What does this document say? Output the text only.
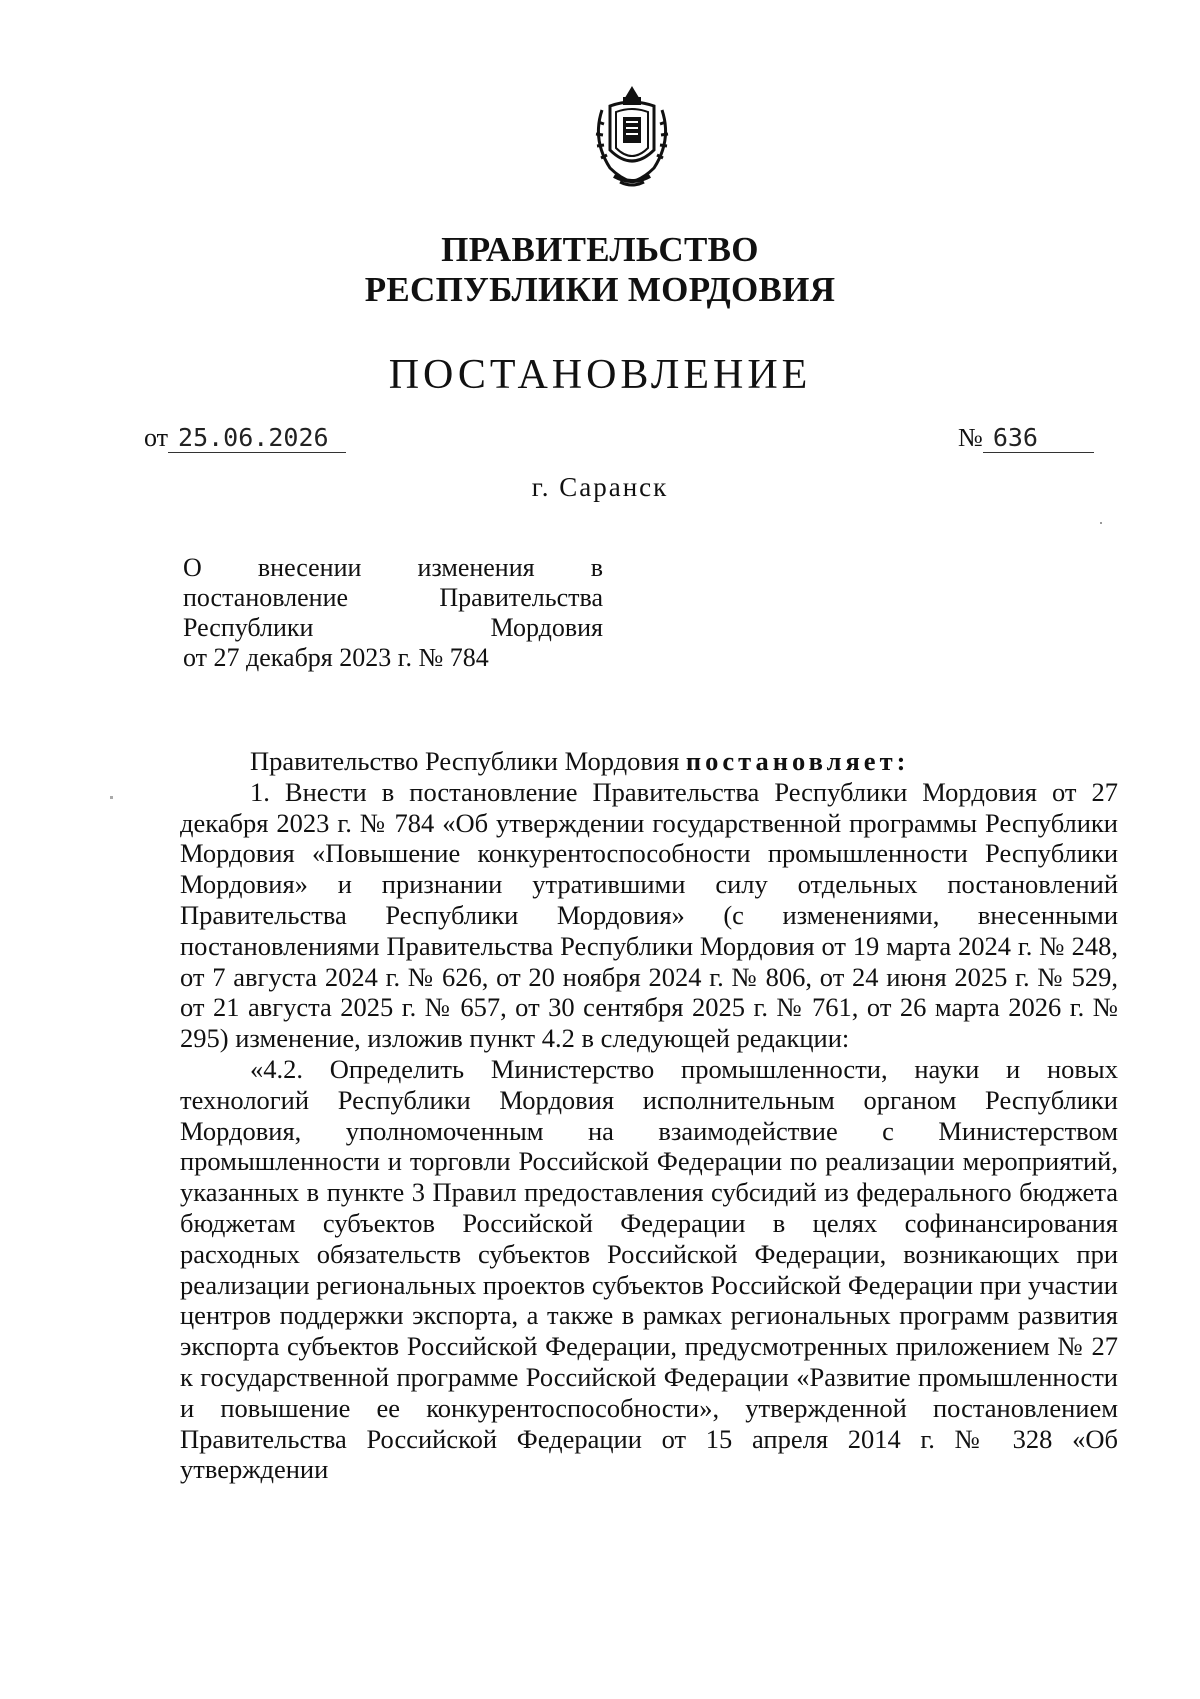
ПРАВИТЕЛЬСТВО
РЕСПУБЛИКИ МОРДОВИЯ
ПОСТАНОВЛЕНИЕ
от 25.06.2026	№ 636
г. Саранск
О внесении изменения в
постановление Правительства
Республики Мордовия
от 27 декабря 2023 г. № 784

Правительство Республики Мордовия постановляет:

1. Внести в постановление Правительства Республики Мордовия от 27 декабря 2023 г. № 784 «Об утверждении государственной программы Республики Мордовия «Повышение конкурентоспособности промышленности Республики Мордовия» и признании утратившими силу отдельных постановлений Правительства Республики Мордовия» (с изменениями, внесенными постановлениями Правительства Республики Мордовия от 19 марта 2024 г. № 248, от 7 августа 2024 г. № 626, от 20 ноября 2024 г. № 806, от 24 июня 2025 г. № 529, от 21 августа 2025 г. № 657, от 30 сентября 2025 г. № 761, от 26 марта 2026 г. № 295) изменение, изложив пункт 4.2 в следующей редакции:

«4.2. Определить Министерство промышленности, науки и новых технологий Республики Мордовия исполнительным органом Республики Мордовия, уполномоченным на взаимодействие с Министерством промышленности и торговли Российской Федерации по реализации мероприятий, указанных в пункте 3 Правил предоставления субсидий из федерального бюджета бюджетам субъектов Российской Федерации в целях софинансирования расходных обязательств субъектов Российской Федерации, возникающих при реализации региональных проектов субъектов Российской Федерации при участии центров поддержки экспорта, а также в рамках региональных программ развития экспорта субъектов Российской Федерации, предусмотренных приложением № 27 к государственной программе Российской Федерации «Развитие промышленности и повышение ее конкурентоспособности», утвержденной постановлением Правительства Российской Федерации от 15 апреля 2014 г. № 328 «Об утверждении
